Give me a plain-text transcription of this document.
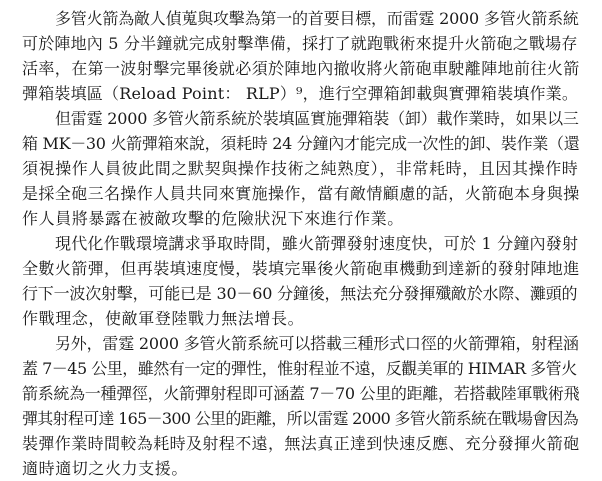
多管火箭為敵人偵蒐與攻擊為第一的首要目標，而雷霆 2000 多管火箭系統
可於陣地內 5 分半鐘就完成射擊準備，採打了就跑戰術來提升火箭砲之戰場存
活率，在第一波射擊完畢後就必須於陣地內撤收將火箭砲車駛離陣地前往火箭
彈箱裝填區（Reload Point： RLP）⁹，進行空彈箱卸載與實彈箱裝填作業。
但雷霆 2000 多管火箭系統於裝填區實施彈箱裝（卸）載作業時，如果以三
箱 MK－30 火箭彈箱來說，須耗時 24 分鐘內才能完成一次性的卸、裝作業（還
須視操作人員彼此間之默契與操作技術之純熟度），非常耗時，且因其操作時
是採全砲三名操作人員共同來實施操作，當有敵情顧慮的話，火箭砲本身與操
作人員將暴露在被敵攻擊的危險狀況下來進行作業。
現代化作戰環境講求爭取時間，雖火箭彈發射速度快，可於 1 分鐘內發射
全數火箭彈，但再裝填速度慢，裝填完畢後火箭砲車機動到達新的發射陣地進
行下一波次射擊，可能已是 30－60 分鐘後，無法充分發揮殲敵於水際、灘頭的
作戰理念，使敵軍登陸戰力無法增長。
另外，雷霆 2000 多管火箭系統可以搭載三種形式口徑的火箭彈箱，射程涵
蓋 7－45 公里，雖然有一定的彈性，惟射程並不遠，反觀美軍的 HIMAR 多管火
箭系統為一種彈徑，火箭彈射程即可涵蓋 7－70 公里的距離，若搭載陸軍戰術飛
彈其射程可達 165－300 公里的距離，所以雷霆 2000 多管火箭系統在戰場會因為
裝彈作業時間較為耗時及射程不遠，無法真正達到快速反應、充分發揮火箭砲
適時適切之火力支援。
